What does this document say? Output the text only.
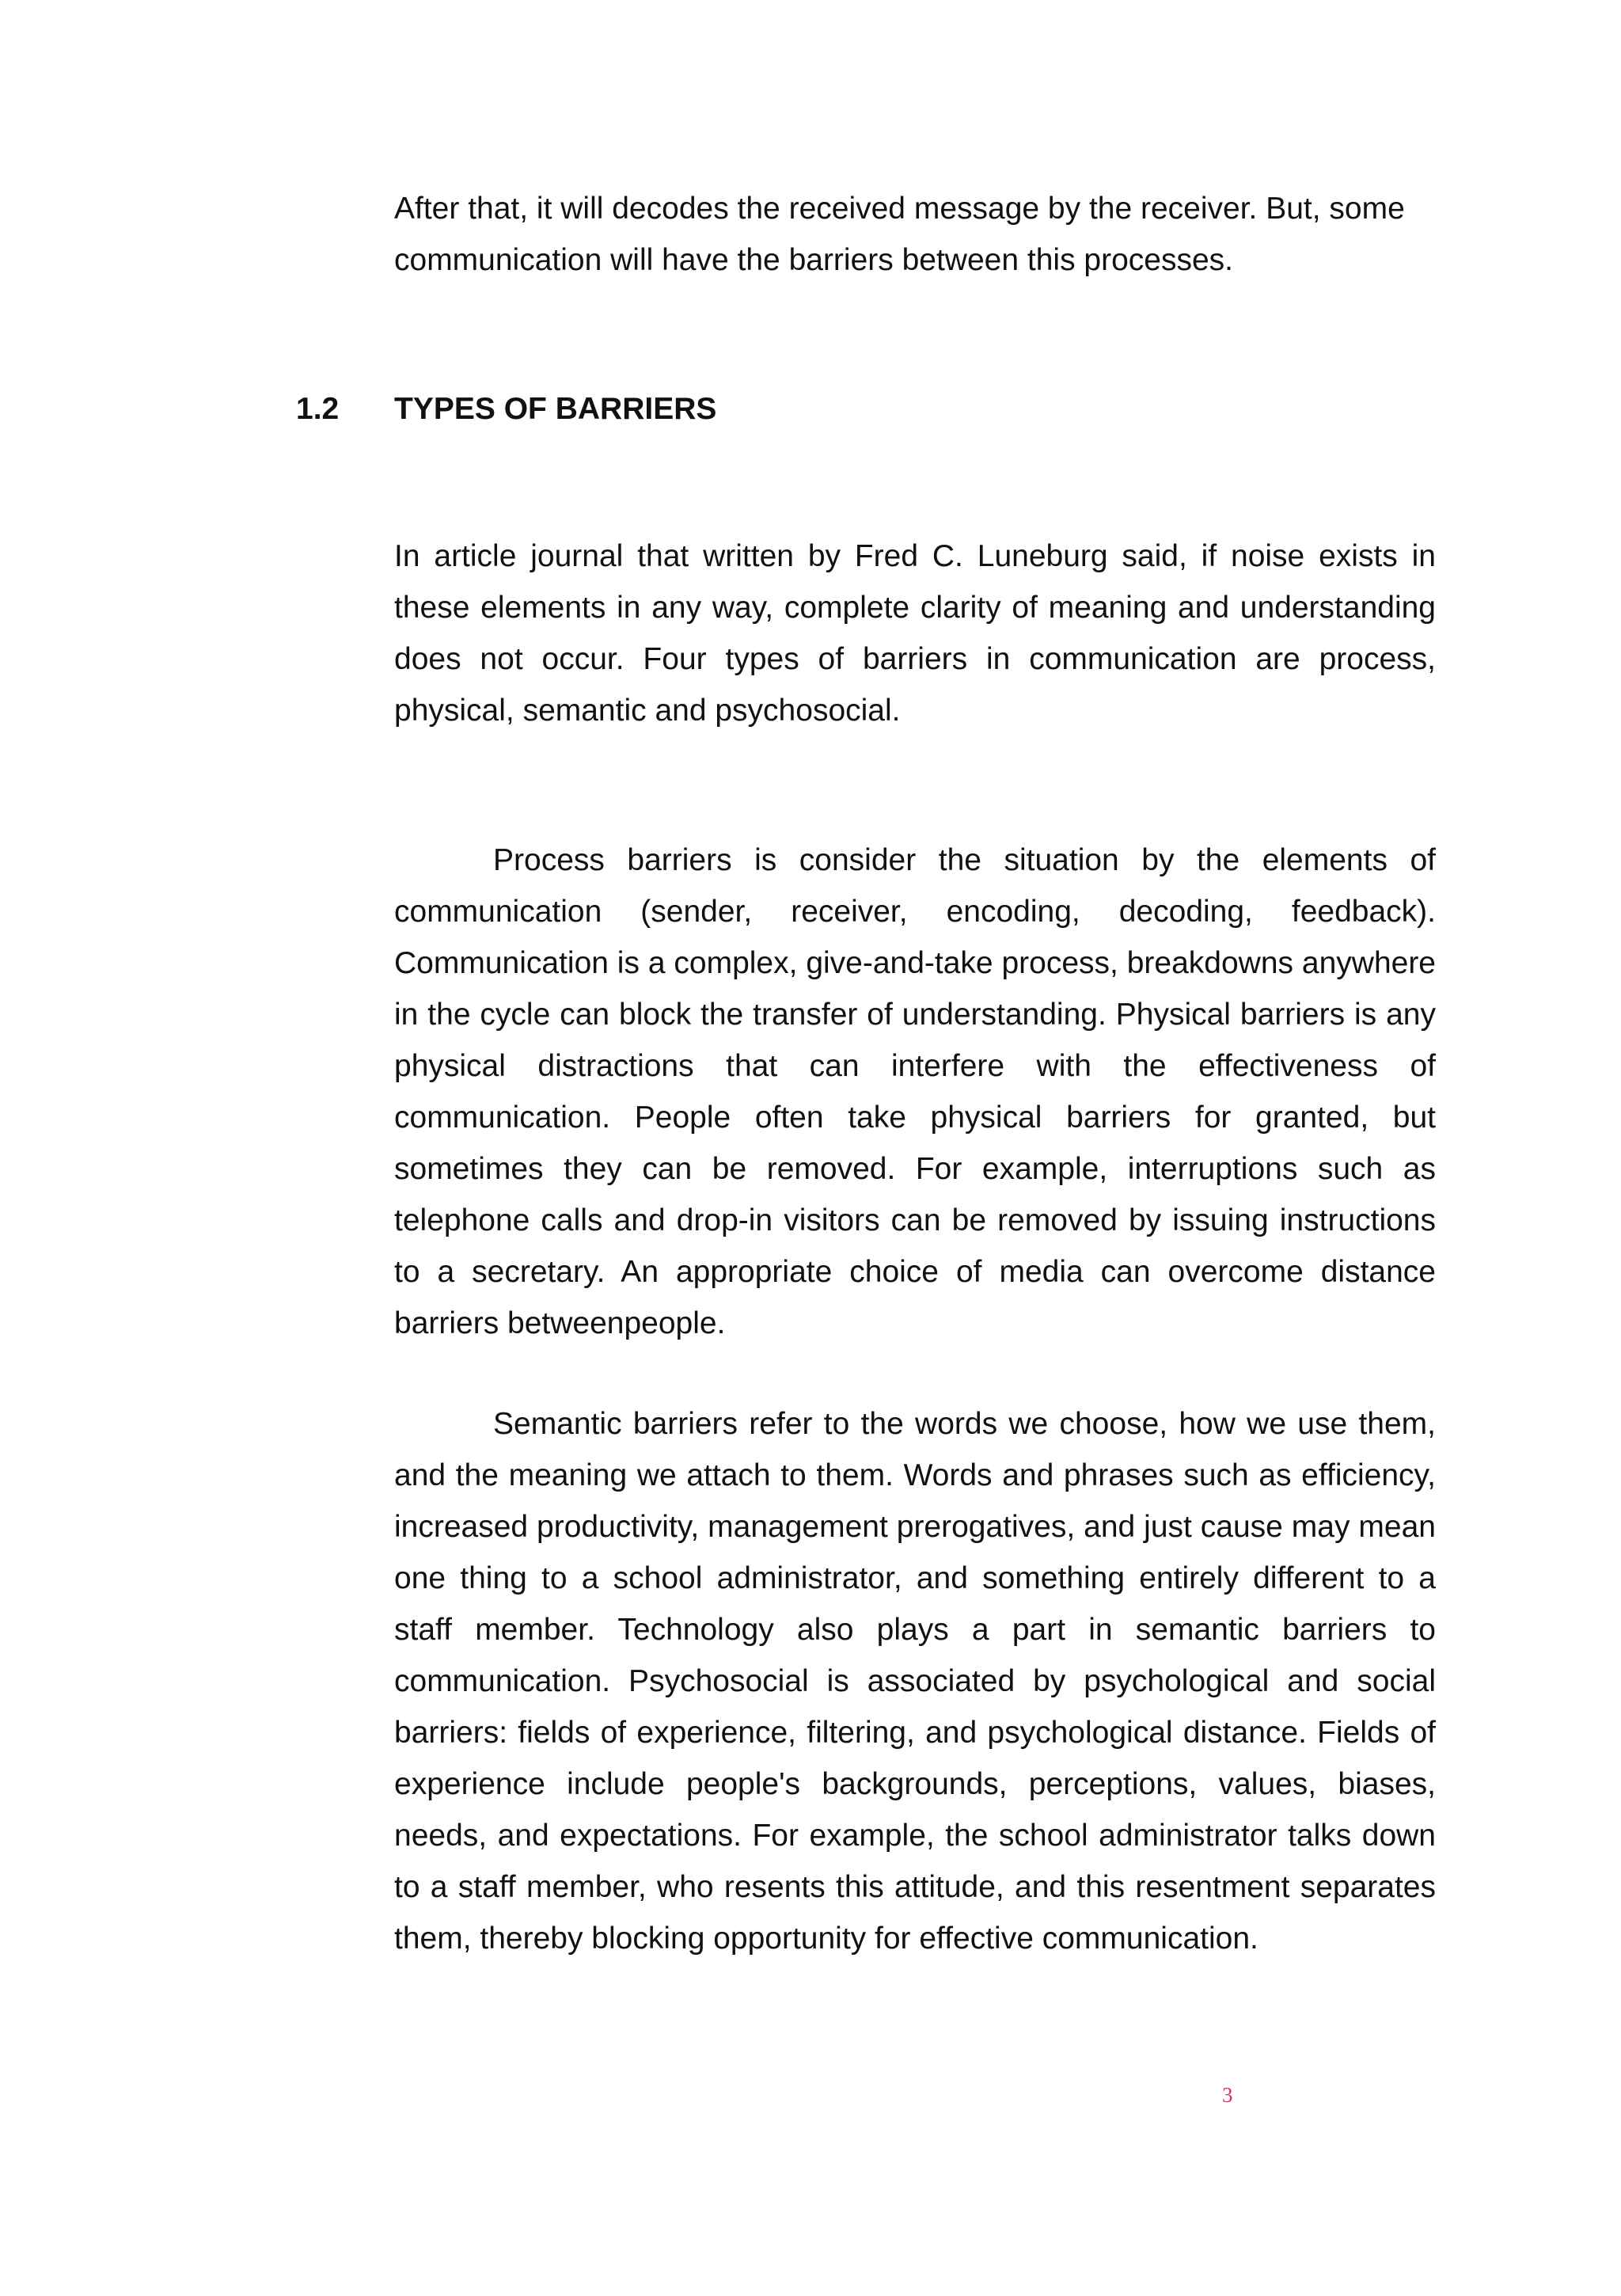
After that, it will decodes the received message by the receiver. But, some communication will have the barriers between this processes.

1.2 TYPES OF BARRIERS

In article journal that written by Fred C. Luneburg said, if noise exists in these elements in any way, complete clarity of meaning and understanding does not occur. Four types of barriers in communication are process, physical, semantic and psychosocial.

Process barriers is consider the situation by the elements of communication (sender, receiver, encoding, decoding, feedback). Communication is a complex, give-and-take process, breakdowns anywhere in the cycle can block the transfer of understanding. Physical barriers is any physical distractions that can interfere with the effectiveness of communication. People often take physical barriers for granted, but sometimes they can be removed. For example, interruptions such as telephone calls and drop-in visitors can be removed by issuing instructions to a secretary. An appropriate choice of media can overcome distance barriers betweenpeople.

Semantic barriers refer to the words we choose, how we use them, and the meaning we attach to them. Words and phrases such as efficiency, increased productivity, management prerogatives, and just cause may mean one thing to a school administrator, and something entirely different to a staff member. Technology also plays a part in semantic barriers to communication. Psychosocial is associated by psychological and social barriers: fields of experience, filtering, and psychological distance. Fields of experience include people's backgrounds, perceptions, values, biases, needs, and expectations. For example, the school administrator talks down to a staff member, who resents this attitude, and this resentment separates them, thereby blocking opportunity for effective communication.

3
